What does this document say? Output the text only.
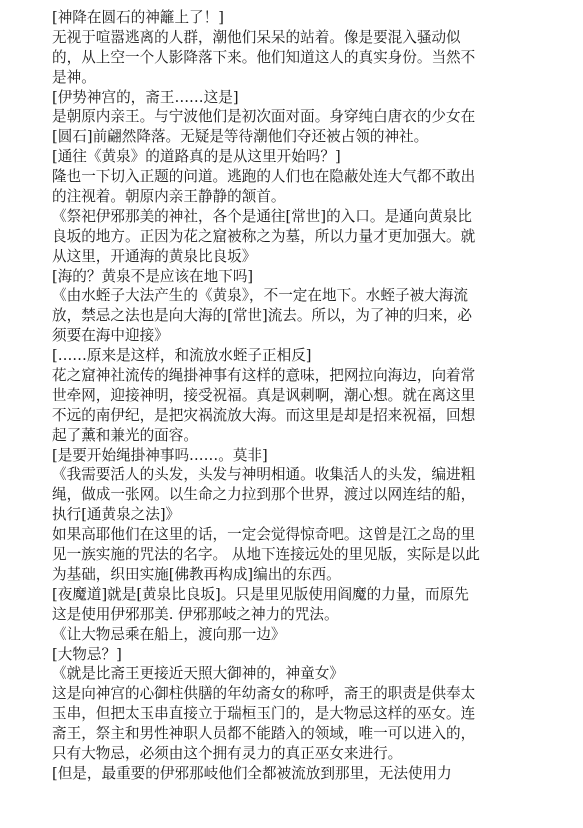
[神降在圆石的神籬上了！]
无视于喧嚣逃离的人群，潮他们呆呆的站着。像是要混入骚动似
的，从上空一个人影降落下来。他们知道这人的真实身份。当然不
是神。
[伊势神宫的，斋王……这是]
是朝原内亲王。与宁波他们是初次面对面。身穿纯白唐衣的少女在
[圆石]前翩然降落。无疑是等待潮他们夺还被占领的神社。
[通往《黄泉》的道路真的是从这里开始吗？]
隆也一下切入正题的问道。逃跑的人们也在隐蔽处连大气都不敢出
的注视着。朝原内亲王静静的颔首。
《祭祀伊邪那美的神社，各个是通往[常世]的入口。是通向黄泉比
良坂的地方。正因为花之窟被称之为墓，所以力量才更加强大。就
从这里，开通海的黄泉比良坂》
[海的？黄泉不是应该在地下吗]
《由水蛭子大法产生的《黄泉》，不一定在地下。水蛭子被大海流
放，禁忌之法也是向大海的[常世]流去。所以，为了神的归来，必
须要在海中迎接》
[……原来是这样，和流放水蛭子正相反]
花之窟神社流传的绳掛神事有这样的意味，把网拉向海边，向着常
世牵网，迎接神明，接受祝福。真是讽刺啊，潮心想。就在离这里
不远的南伊纪，是把灾祸流放大海。而这里是却是招来祝福，回想
起了薰和兼光的面容。
[是要开始绳掛神事吗……。莫非]
《我需要活人的头发，头发与神明相通。收集活人的头发，编进粗
绳，做成一张网。以生命之力拉到那个世界，渡过以网连结的船，
执行[通黄泉之法]》
如果高耶他们在这里的话，一定会觉得惊奇吧。这曾是江之岛的里
见一族实施的咒法的名字。 从地下连接远处的里见版，实际是以此
为基础，织田实施[佛教再构成]编出的东西。
[夜魔道]就是[黄泉比良坂]。只是里见版使用阎魔的力量，而原先
这是使用伊邪那美. 伊邪那岐之神力的咒法。
《让大物忌乘在船上，渡向那一边》
[大物忌？]
《就是比斋王更接近天照大御神的，神童女》
这是向神宫的心御柱供膳的年幼斋女的称呼，斋王的职责是供奉太
玉串，但把太玉串直接立于瑞桓玉门的，是大物忌这样的巫女。连
斋王，祭主和男性神职人员都不能踏入的领域，唯一可以进入的，
只有大物忌，必须由这个拥有灵力的真正巫女来进行。
[但是，最重要的伊邪那岐他们全都被流放到那里，无法使用力
